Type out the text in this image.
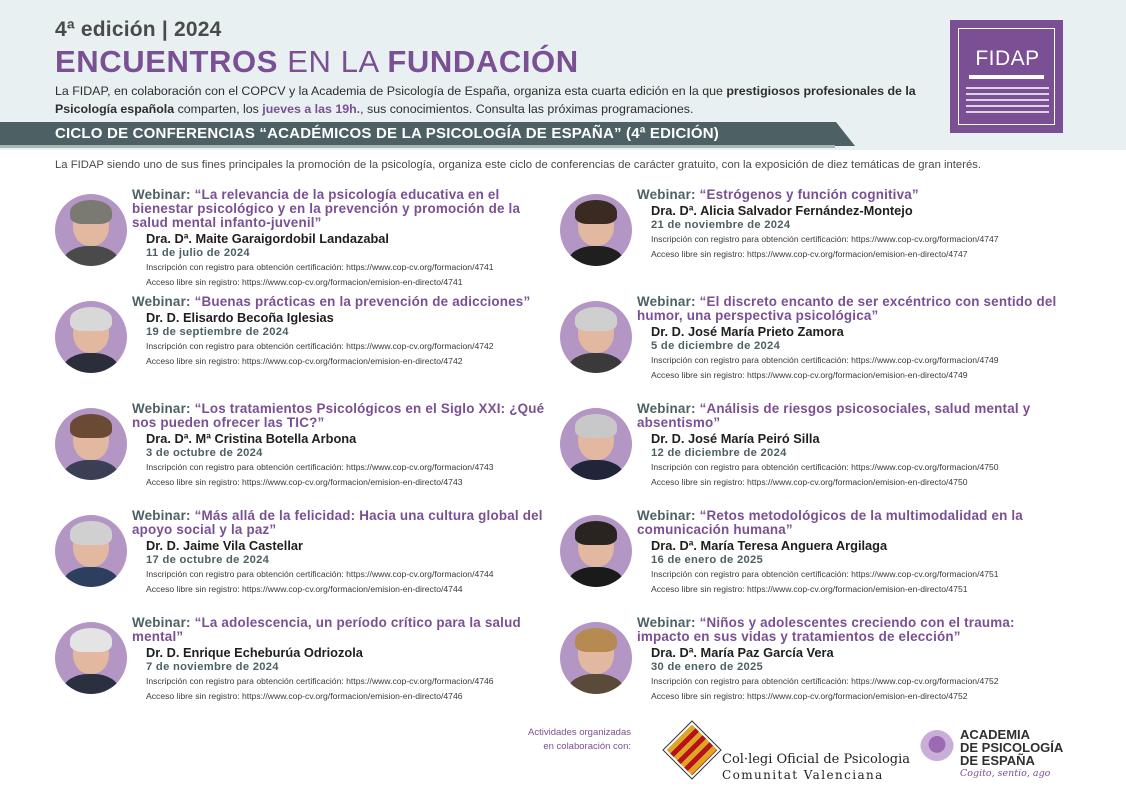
4ª edición | 2024
ENCUENTROS EN LA FUNDACIÓN
La FIDAP, en colaboración con el COPCV y la Academia de Psicología de España, organiza esta cuarta edición en la que prestigiosos profesionales de la Psicología española comparten, los jueves a las 19h., sus conocimientos. Consulta las próximas programaciones.
FIDAP
CICLO DE CONFERENCIAS “ACADÉMICOS DE LA PSICOLOGÍA DE ESPAÑA” (4ª EDICIÓN)
La FIDAP siendo uno de sus fines principales la promoción de la psicología, organiza este ciclo de conferencias de carácter gratuito, con la exposición de diez temáticas de gran interés.
Webinar: “La relevancia de la psicología educativa en el bienestar psicológico y en la prevención y promoción de la salud mental infanto-juvenil”
Dra. Dª. Maite Garaigordobil Landazabal
11 de julio de 2024
Inscripción con registro para obtención certificación: https://www.cop-cv.org/formacion/4741
Acceso libre sin registro: https://www.cop-cv.org/formacion/emision-en-directo/4741
Webinar: “Buenas prácticas en la prevención de adicciones”
Dr. D. Elisardo Becoña Iglesias
19 de septiembre de 2024
Inscripción con registro para obtención certificación: https://www.cop-cv.org/formacion/4742
Acceso libre sin registro: https://www.cop-cv.org/formacion/emision-en-directo/4742
Webinar: “Los tratamientos Psicológicos en el Siglo XXI: ¿Qué nos pueden ofrecer las TIC?”
Dra. Dª. Mª Cristina Botella Arbona
3 de octubre de 2024
Inscripción con registro para obtención certificación: https://www.cop-cv.org/formacion/4743
Acceso libre sin registro: https://www.cop-cv.org/formacion/emision-en-directo/4743
Webinar: “Más allá de la felicidad: Hacia una cultura global del apoyo social y la paz”
Dr. D. Jaime Vila Castellar
17 de octubre de 2024
Inscripción con registro para obtención certificación: https://www.cop-cv.org/formacion/4744
Acceso libre sin registro: https://www.cop-cv.org/formacion/emision-en-directo/4744
Webinar: “La adolescencia, un período crítico para la salud mental”
Dr. D. Enrique Echeburúa Odriozola
7 de noviembre de 2024
Inscripción con registro para obtención certificación: https://www.cop-cv.org/formacion/4746
Acceso libre sin registro: https://www.cop-cv.org/formacion/emision-en-directo/4746
Webinar: “Estrógenos y función cognitiva”
Dra. Dª. Alicia Salvador Fernández-Montejo
21 de noviembre de 2024
Inscripción con registro para obtención certificación: https://www.cop-cv.org/formacion/4747
Acceso libre sin registro: https://www.cop-cv.org/formacion/emision-en-directo/4747
Webinar: “El discreto encanto de ser excéntrico con sentido del humor, una perspectiva psicológica”
Dr. D. José María Prieto Zamora
5 de diciembre de 2024
Inscripción con registro para obtención certificación: https://www.cop-cv.org/formacion/4749
Acceso libre sin registro: https://www.cop-cv.org/formacion/emision-en-directo/4749
Webinar: “Análisis de riesgos psicosociales, salud mental y absentismo”
Dr. D. José María Peiró Silla
12 de diciembre de 2024
Inscripción con registro para obtención certificación: https://www.cop-cv.org/formacion/4750
Acceso libre sin registro: https://www.cop-cv.org/formacion/emision-en-directo/4750
Webinar: “Retos metodológicos de la multimodalidad en la comunicación humana”
Dra. Dª. María Teresa Anguera Argilaga
16 de enero de 2025
Inscripción con registro para obtención certificación: https://www.cop-cv.org/formacion/4751
Acceso libre sin registro: https://www.cop-cv.org/formacion/emision-en-directo/4751
Webinar: “Niños y adolescentes creciendo con el trauma: impacto en sus vidas y tratamientos de elección”
Dra. Dª. María Paz García Vera
30 de enero de 2025
Inscripción con registro para obtención certificación: https://www.cop-cv.org/formacion/4752
Acceso libre sin registro: https://www.cop-cv.org/formacion/emision-en-directo/4752
Actividades organizadas
en colaboración con:
Col·legi Oficial de Psicologia
Comunitat Valenciana
ACADEMIA
DE PSICOLOGÍA
DE ESPAÑA
Cogito, sentio, ago
